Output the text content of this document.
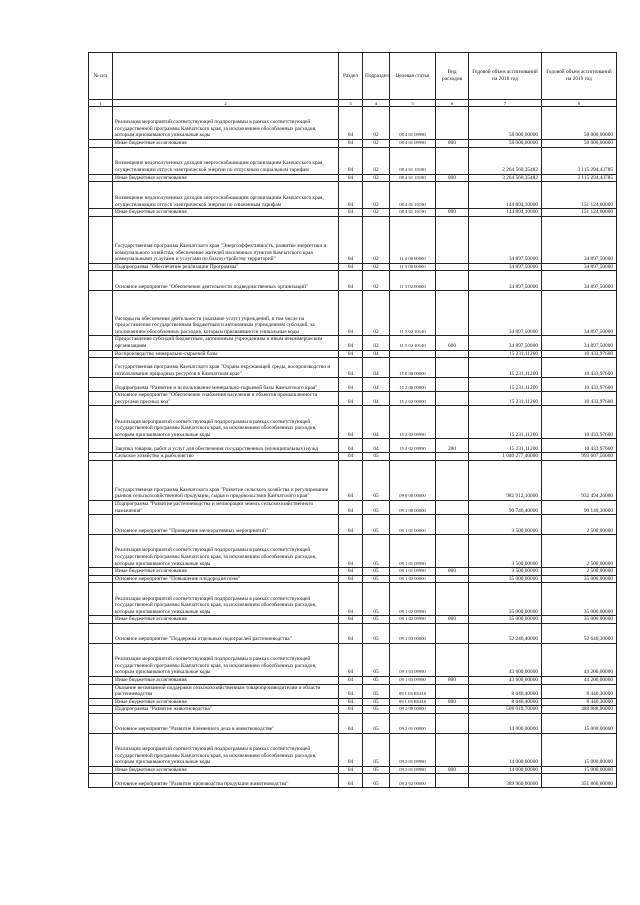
№ п/п		Раздел	Подраздел	Целевая статья	Вид расходов	Годовой объем ассигнований на 2018 год	Годовой объем ассигнований на 2019 год
1	2	3	4	5	6	7	8
	Реализация мероприятий соответствующей подпрограммы в рамках соответствующей государственной программы Камчатского края, за исключением обособленных расходов, которым присваиваются уникальные коды	04	02	08 4 01 09990		58 000,00000	58 000,00000
	Иные бюджетные ассигнования	04	02	08 4 01 09990	800	58 000,00000	58 000,00000
	Возмещение недополученных доходов энергоснабжающим организациям Камчатского края, осуществляющим отпуск электрической энергии по отпускным социальным тарифам	04	02	08 4 01 10180		2 264 560,35482	3 115 294,43785
	Иные бюджетные ассигнования	04	02	08 4 01 10180	800	3 264 560,35482	3 115 294,43785
	Возмещение недополученных доходов энергоснабжающим организациям Камчатского края, осуществляющим отпуск электрической энергии по сниженным тарифам	04	02	08 4 01 10190		144 894,10000	151 124,60000
	Иные бюджетные ассигнования	04	02	08 4 01 10190	800	144 894,10000	151 124,60000
	Государственная программа Камчатского края "Энергоэффективность, развитие энергетики и коммунального хозяйства, обеспечение жителей населенных пунктов Камчатского края коммунальными услугами и услугами по благоустройству территорий"	04	02	11 0 00 00000		34 897,50000	34 897,50000
	Подпрограмма "Обеспечение реализации Программы"	04	02	11 5 00 00000		34 897,50000	34 897,50000
	Основное мероприятие "Обеспечение деятельности подведомственных организаций"	04	02	11 5 02 00000		34 897,50000	34 897,50000
	Расходы на обеспечение деятельности (оказание услуг) учреждений, в том числе на предоставление государственным бюджетным и автономным учреждениям субсидий, за исключением обособленных расходов, которым присваиваются уникальные коды	04	02	11 5 02 10140		34 897,50000	34 897,50000
	Предоставление субсидий бюджетным, автономным учреждениям и иным некоммерческим организациям	04	02	11 5 02 10140	600	34 897,50000	34 897,50000
	Воспроизводство минерально-сырьевой базы	04	04			15 231,11200	10 433,97600
	Государственная программа Камчатского края "Охрана окружающей среды, воспроизводство и использование природных ресурсов в Камчатском крае"	04	04	15 0 00 00000		15 231,11200	10 433,97600
	Подпрограмма "Развитие и использование минерально-сырьевой базы Камчатского края"	04	04	15 2 00 00000		15 231,11200	10 433,97600
	Основное мероприятие "Обеспечение снабжения населения и объектов промышленности ресурсами пресных вод"	04	04	15 2 02 00000		15 231,11200	10 433,97600
	Реализация мероприятий соответствующей подпрограммы в рамках соответствующей государственной программы Камчатского края, за исключением обособленных расходов, которым присваиваются уникальные коды	04	04	15 2 02 09990		15 231,11200	10 433,97600
	Закупка товаров, работ и услуг для обеспечения государственных (муниципальных) нужд	04	04	15 2 02 09990	200	15 231,11200	10 433,97600
	Сельское хозяйство и рыболовство	04	05			1 040 277,40000	993 607,56000
	Государственная программа Камчатского края "Развитие сельского хозяйства и регулирование рынков сельскохозяйственной продукции, сырья и продовольствия Камчатского края"	04	05	09 0 00 00000		982 912,10000	932 494,26000
	Подпрограмма "Развитие растениеводства и мелиорации земель сельскохозяйственного назначения"	04	05	09 1 00 00000		90 746,40000	90 140,30000
	Основное мероприятие "Проведение мелиоративных мероприятий"	04	05	09 1 01 00000		3 500,00000	2 500,00000
	Реализация мероприятий соответствующей подпрограммы в рамках соответствующей государственной программы Камчатского края, за исключением обособленных расходов, которым присваиваются уникальные коды	04	05	09 1 01 09990		3 500,00000	2 500,00000
	Иные бюджетные ассигнования	04	05	09 1 01 09990	800	3 500,00000	2 500,00000
	Основное мероприятие "Повышение плодородия почв"	04	05	09 1 02 00000		35 000,00000	35 000,00000
	Реализация мероприятий соответствующей подпрограммы в рамках соответствующей государственной программы Камчатского края, за исключением обособленных расходов, которым присваиваются уникальные коды	04	05	09 1 02 09990		35 000,00000	35 000,00000
	Иные бюджетные ассигнования	04	05	09 1 02 09990	800	35 000,00000	35 000,00000
	Основное мероприятие "Поддержка отдельных подотраслей растениеводства"	04	05	09 1 03 00000		52 246,40000	52 640,30000
	Реализация мероприятий соответствующей подпрограммы в рамках соответствующей государственной программы Камчатского края, за исключением обособленных расходов, которым присваиваются уникальные коды	04	05	09 1 03 09990		43 600,00000	44 200,00000
	Иные бюджетные ассигнования	04	05	09 1 03 09990	800	43 600,00000	44 200,00000
	Оказание несвязанной поддержки сельскохозяйственным товаропроизводителям в области растениеводства	04	05	09 1 03 R5410		8 646,40000	8 440,30000
	Иные бюджетные ассигнования	04	05	09 1 03 R5410	800	8 646,40000	8 440,30000
	Подпрограмма "Развитие животноводства"	04	05	09 2 00 00000		508 019,70000	488 888,90000
	Основное мероприятие "Развитие племенного дела в животноводстве"	04	05	09 2 01 00000		14 000,00000	15 000,00000
	Реализация мероприятий соответствующей подпрограммы в рамках соответствующей государственной программы Камчатского края, за исключением обособленных расходов, которым присваиваются уникальные коды	04	05	09 2 01 09990		14 000,00000	15 000,00000
	Иные бюджетные ассигнования	04	05	09 2 01 09990	800	14 000,00000	15 000,00000
	Основное мероприятие "Развитие производства продукции животноводства"	04	05	09 2 02 00000		389 960,00000	351 860,60000
